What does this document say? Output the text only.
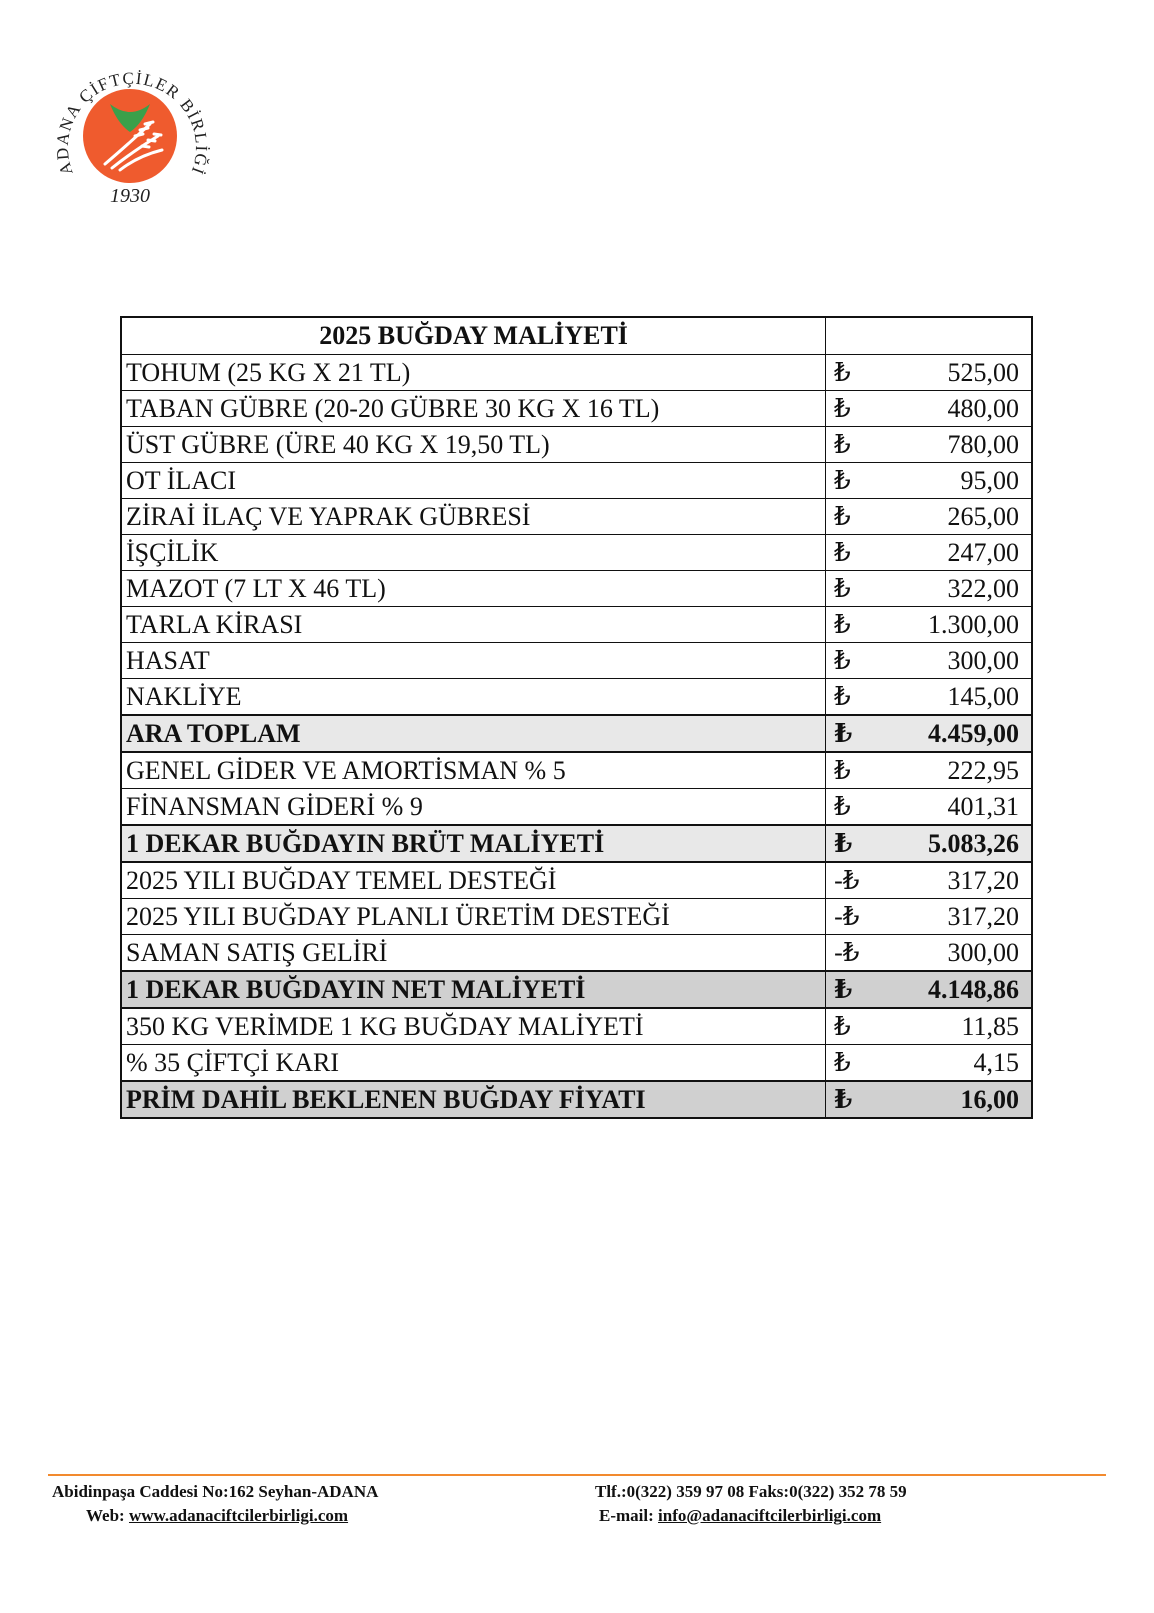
ADANA ÇİFTÇİLER BİRLİĞİ
1930
2025 BUĞDAY MALİYETİ	
TOHUM (25 KG X 21 TL)	₺ 525,00

TABAN GÜBRE (20-20 GÜBRE 30 KG X 16 TL)	₺ 480,00

ÜST GÜBRE (ÜRE 40 KG X 19,50 TL)	₺ 780,00

OT İLACI	₺ 95,00

ZİRAİ İLAÇ VE YAPRAK GÜBRESİ	₺ 265,00

İŞÇİLİK	₺ 247,00

MAZOT (7 LT X 46 TL)	₺ 322,00

TARLA KİRASI	₺ 1.300,00

HASAT	₺ 300,00

NAKLİYE	₺ 145,00

ARA TOPLAM	₺ 4.459,00

GENEL GİDER VE AMORTİSMAN % 5	₺ 222,95

FİNANSMAN GİDERİ % 9	₺ 401,31

1 DEKAR BUĞDAYIN BRÜT MALİYETİ	₺ 5.083,26

2025 YILI BUĞDAY TEMEL DESTEĞİ	-₺ 317,20

2025 YILI BUĞDAY PLANLI ÜRETİM DESTEĞİ	-₺ 317,20

SAMAN SATIŞ GELİRİ	-₺ 300,00

1 DEKAR BUĞDAYIN NET MALİYETİ	₺ 4.148,86

350 KG VERİMDE 1 KG BUĞDAY MALİYETİ	₺ 11,85

% 35 ÇİFTÇİ KARI	₺ 4,15

PRİM DAHİL BEKLENEN BUĞDAY FİYATI	₺ 16,00
Abidinpaşa Caddesi No:162 Seyhan-ADANA
Web: www.adanaciftcilerbirligi.com
Tlf.:0(322) 359 97 08 Faks:0(322) 352 78 59
E-mail: info@adanaciftcilerbirligi.com
